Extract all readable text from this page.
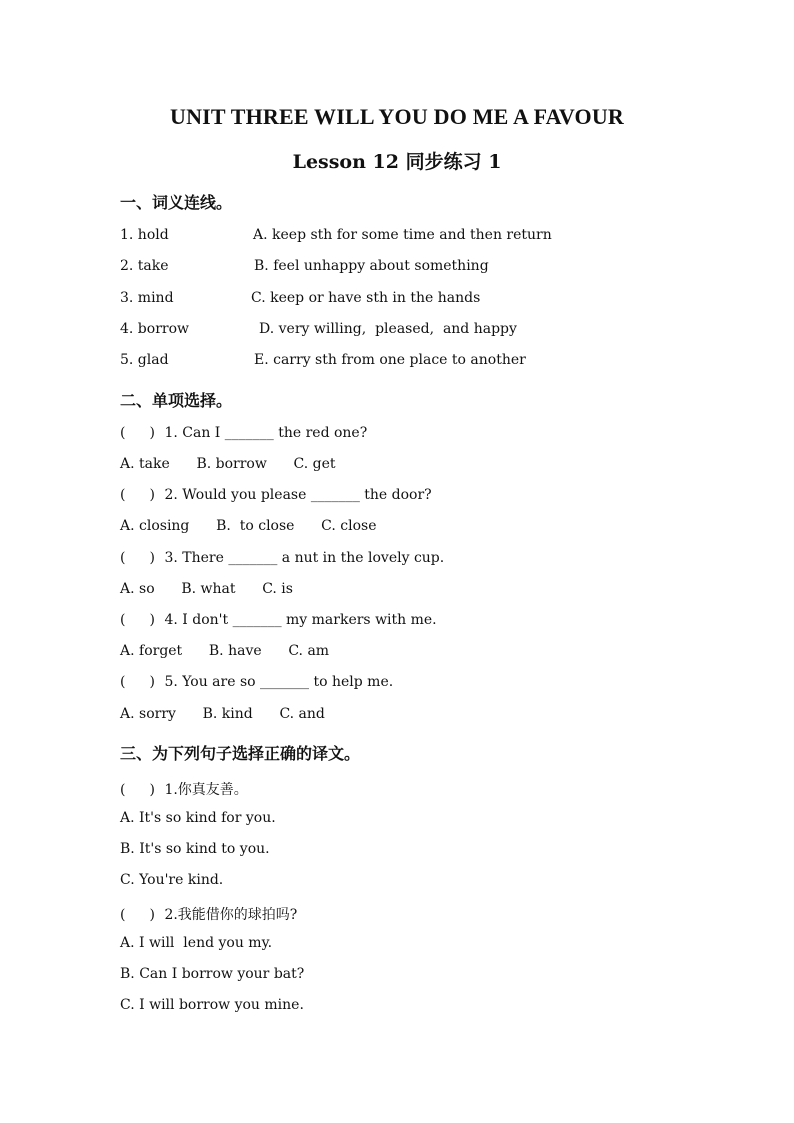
UNIT THREE WILL YOU DO ME A FAVOUR
Lesson 12 同步练习 1
一、词义连线。
1. hold	A. keep sth for some time and then return
2. take	B. feel unhappy about something
3. mind	C. keep or have sth in the hands
4. borrow	D. very willing,  pleased,  and happy
5. glad	E. carry sth from one place to another
二、单项选择。
( ) 1. Can I _______ the red one?
A. take      B. borrow      C. get
( ) 2. Would you please _______ the door?
A. closing      B.  to close      C. close
( ) 3. There _______ a nut in the lovely cup.
A. so      B. what      C. is
( ) 4. I don't _______ my markers with me.
A. forget      B. have      C. am
( ) 5. You are so _______ to help me.
A. sorry      B. kind      C. and
三、为下列句子选择正确的译文。
( ) 1.你真友善。
A. It's so kind for you.
B. It's so kind to you.
C. You're kind.
( ) 2.我能借你的球拍吗?
A. I will  lend you my.
B. Can I borrow your bat?
C. I will borrow you mine.
